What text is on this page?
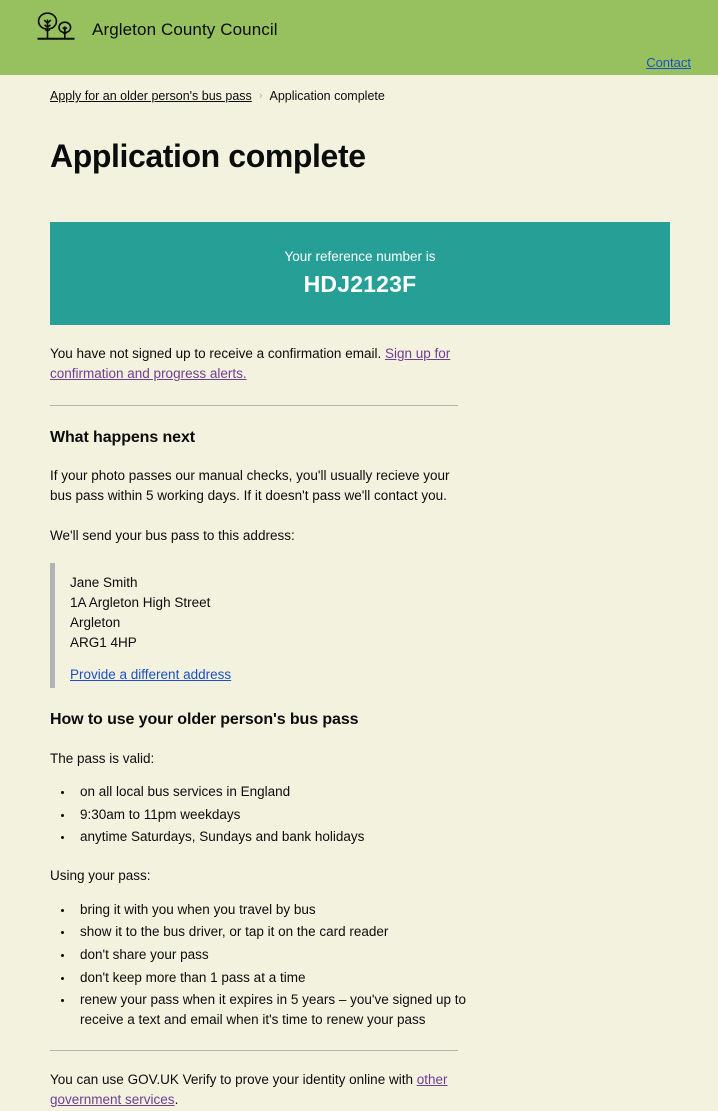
Argleton County Council
Contact
Apply for an older person's bus pass › Application complete
Application complete
Your reference number is
HDJ2123F

You have not signed up to receive a confirmation email. Sign up for confirmation and progress alerts.

What happens next

If your photo passes our manual checks, you'll usually recieve your bus pass within 5 working days. If it doesn't pass we'll contact you.

We'll send your bus pass to this address:

Jane Smith
1A Argleton High Street
Argleton
ARG1 4HP
Provide a different address
How to use your older person's bus pass

The pass is valid:

• on all local bus services in England
• 9:30am to 11pm weekdays
• anytime Saturdays, Sundays and bank holidays

Using your pass:

• bring it with you when you travel by bus
• show it to the bus driver, or tap it on the card reader
• don't share your pass
• don't keep more than 1 pass at a time
• renew your pass when it expires in 5 years – you've signed up to receive a text and email when it's time to renew your pass

You can use GOV.UK Verify to prove your identity online with other government services.
